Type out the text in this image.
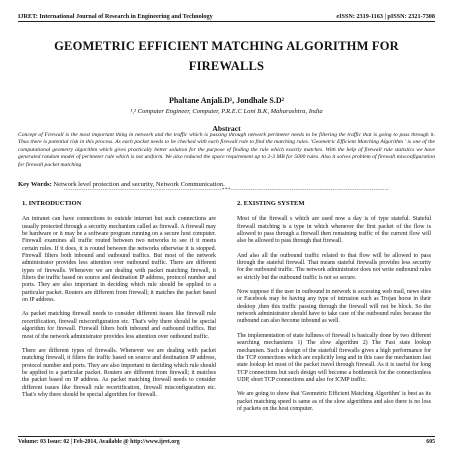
IJRET: International Journal of Research in Engineering and Technology	eISSN: 2319-1163 | pISSN: 2321-7308
GEOMETRIC EFFICIENT MATCHING ALGORITHM FOR FIREWALLS
Phaltane Anjali.D¹, Jondhale S.D²
¹,² Computer Engineer, Computer, P.R.E.C Loni B.K, Maharashtra, India
Abstract
Concept of Firewall is the most important thing in network and the traffic which is passing through network perimeter needs to be filtering the traffic that is going to pass through it. Thus there is potential risk in this process. As each packet needs to be checked with each firewall rule to find the matching rules. 'Geometric Efficient Matching Algorithm ' is one of the computational geometry algorithm which gives practically better solution for the purpose of finding the rule which exactly matches. With the help of firewall rule statistics we have generated random model of perimeter rule which is not uniform. We also reduced the space requirement up to 2-3 MB for 5000 rules. Also it solves problem of firewall misconfiguration for firewall packet matching
Key Words: Network level protection and security, Network Communication.
-------------------------------------------------------------------------***-------------------------------------------------------------------------
1. INTRODUCTION

An intranet can have connections to outside internet but such connections are usually protected through a security mechanism called as firewall. A firewall may be hardware or it may be a software program running on a secure host computer. Firewall examines all traffic routed between two networks to see if it meets certain rules. If it does, it is routed between the networks otherwise it is stopped. Firewall filters both inbound and outbound traffics. But most of the network administrator provides less attention over outbound traffic. There are different types of firewalls. Whenever we are dealing with packet matching firewall, it filters the traffic based on source and destination IP address, protocol number and ports. They are also important in deciding which rule should be applied to a particular packet. Routers are different from firewall; it matches the packet based on IP address.

As packet matching firewall needs to consider different issues like firewall rule recertification, firewall misconfiguration etc. That's why there should be special algorithm for firewall. Firewall filters both inbound and outbound traffics. But most of the network administrator provides less attention over outbound traffic.

There are different types of firewalls. Whenever we are dealing with packet matching firewall, it filters the traffic based on source and destination IP address, protocol number and ports. They are also important in deciding which rule should be applied to a particular packet. Routers are different from firewall; it matches the packet based on IP address. As packet matching firewall needs to consider different issues like firewall rule recertification, firewall misconfiguration etc. That's why there should be special algorithm for firewall.

2. EXISTING SYSTEM

Most of the firewall s which are used now a day is of type stateful. Stateful firewall matching is a type in which whenever the first packet of the flow is allowed to pass through a firewall then remaining traffic of the current flow will also be allowed to pass through that firewall.

And also all the outbound traffic related to that flow will be allowed to pass through the stateful firewall. That means stateful firewalls provides less security for the outbound traffic. The network administrator does not write outbound rules so strictly but the outbound traffic is not so secure.

Now suppose if the user in outbound in network is accessing web mail, news sites or Facebook may be having any type of intrusion such as Trojan horse in their desktop ,then this traffic passing through the firewall will not be block. So the network administrator should have to take care of the outbound rules because the outbound can also become inbound as well.

The implementation of state fullness of firewall is basically done by two different searching mechanisms 1) The slow algorithm 2) The Fast state lookup mechanism. Such a design of the statefull firewalls gives a high performance for the TCP connections which are explicitly long and in this case the mechanism fast state lookup let most of the packet travel through firewall. As it is useful for long TCP connections but such design will become a bottleneck for the connectionless UDP, short TCP connections and also for ICMP traffic.

We are going to show that 'Geometric Efficient Matching Algorithm' is best as its packet matching speed is same as of the slow algorithms and also there is no loss of packets on the host computer.

Volume: 03 Issue: 02 | Feb-2014, Available @ http://www.ijret.org	605
